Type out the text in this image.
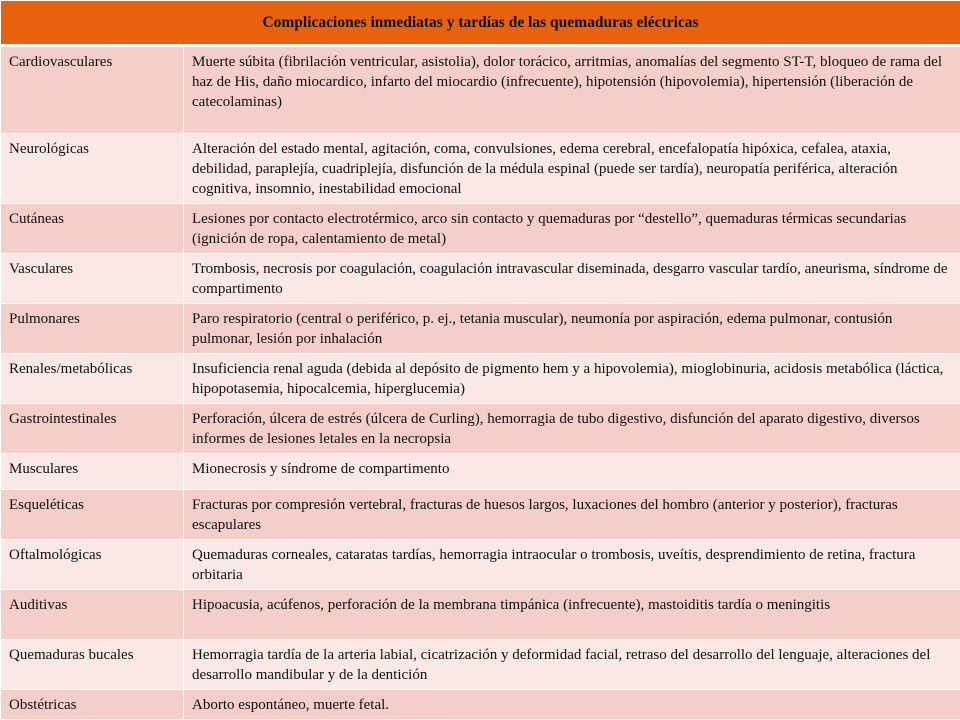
Complicaciones inmediatas y tardías de las quemaduras eléctricas	
Cardiovasculares	Muerte súbita (fibrilación ventricular, asistolia), dolor torácico, arritmias, anomalías del segmento ST-T, bloqueo de rama del haz de His, daño miocardico, infarto del miocardio (infrecuente), hipotensión (hipovolemia), hipertensión (liberación de catecolaminas)
Neurológicas	Alteración del estado mental, agitación, coma, convulsiones, edema cerebral, encefalopatía hipóxica, cefalea, ataxia, debilidad, paraplejía, cuadriplejía, disfunción de la médula espinal (puede ser tardía), neuropatía periférica, alteración cognitiva, insomnio, inestabilidad emocional
Cutáneas	Lesiones por contacto electrotérmico, arco sin contacto y quemaduras por “destello”, quemaduras térmicas secundarias (ignición de ropa, calentamiento de metal)
Vasculares	Trombosis, necrosis por coagulación, coagulación intravascular diseminada, desgarro vascular tardío, aneurisma, síndrome de compartimento
Pulmonares	Paro respiratorio (central o periférico, p. ej., tetania muscular), neumonía por aspiración, edema pulmonar, contusión pulmonar, lesión por inhalación
Renales/metabólicas	Insuficiencia renal aguda (debida al depósito de pigmento hem y a hipovolemia), mioglobinuria, acidosis metabólica (láctica, hipopotasemia, hipocalcemia, hiperglucemia)
Gastrointestinales	Perforación, úlcera de estrés (úlcera de Curling), hemorragia de tubo digestivo, disfunción del aparato digestivo, diversos informes de lesiones letales en la necropsia
Musculares	Mionecrosis y síndrome de compartimento
Esqueléticas	Fracturas por compresión vertebral, fracturas de huesos largos, luxaciones del hombro (anterior y posterior), fracturas escapulares
Oftalmológicas	Quemaduras corneales, cataratas tardías, hemorragia intraocular o trombosis, uveítis, desprendimiento de retina, fractura orbitaria
Auditivas	Hipoacusia, acúfenos, perforación de la membrana timpánica (infrecuente), mastoiditis tardía o meningitis
Quemaduras bucales	Hemorragia tardía de la arteria labial, cicatrización y deformidad facial, retraso del desarrollo del lenguaje, alteraciones del desarrollo mandibular y de la dentición
Obstétricas	Aborto espontáneo, muerte fetal.
